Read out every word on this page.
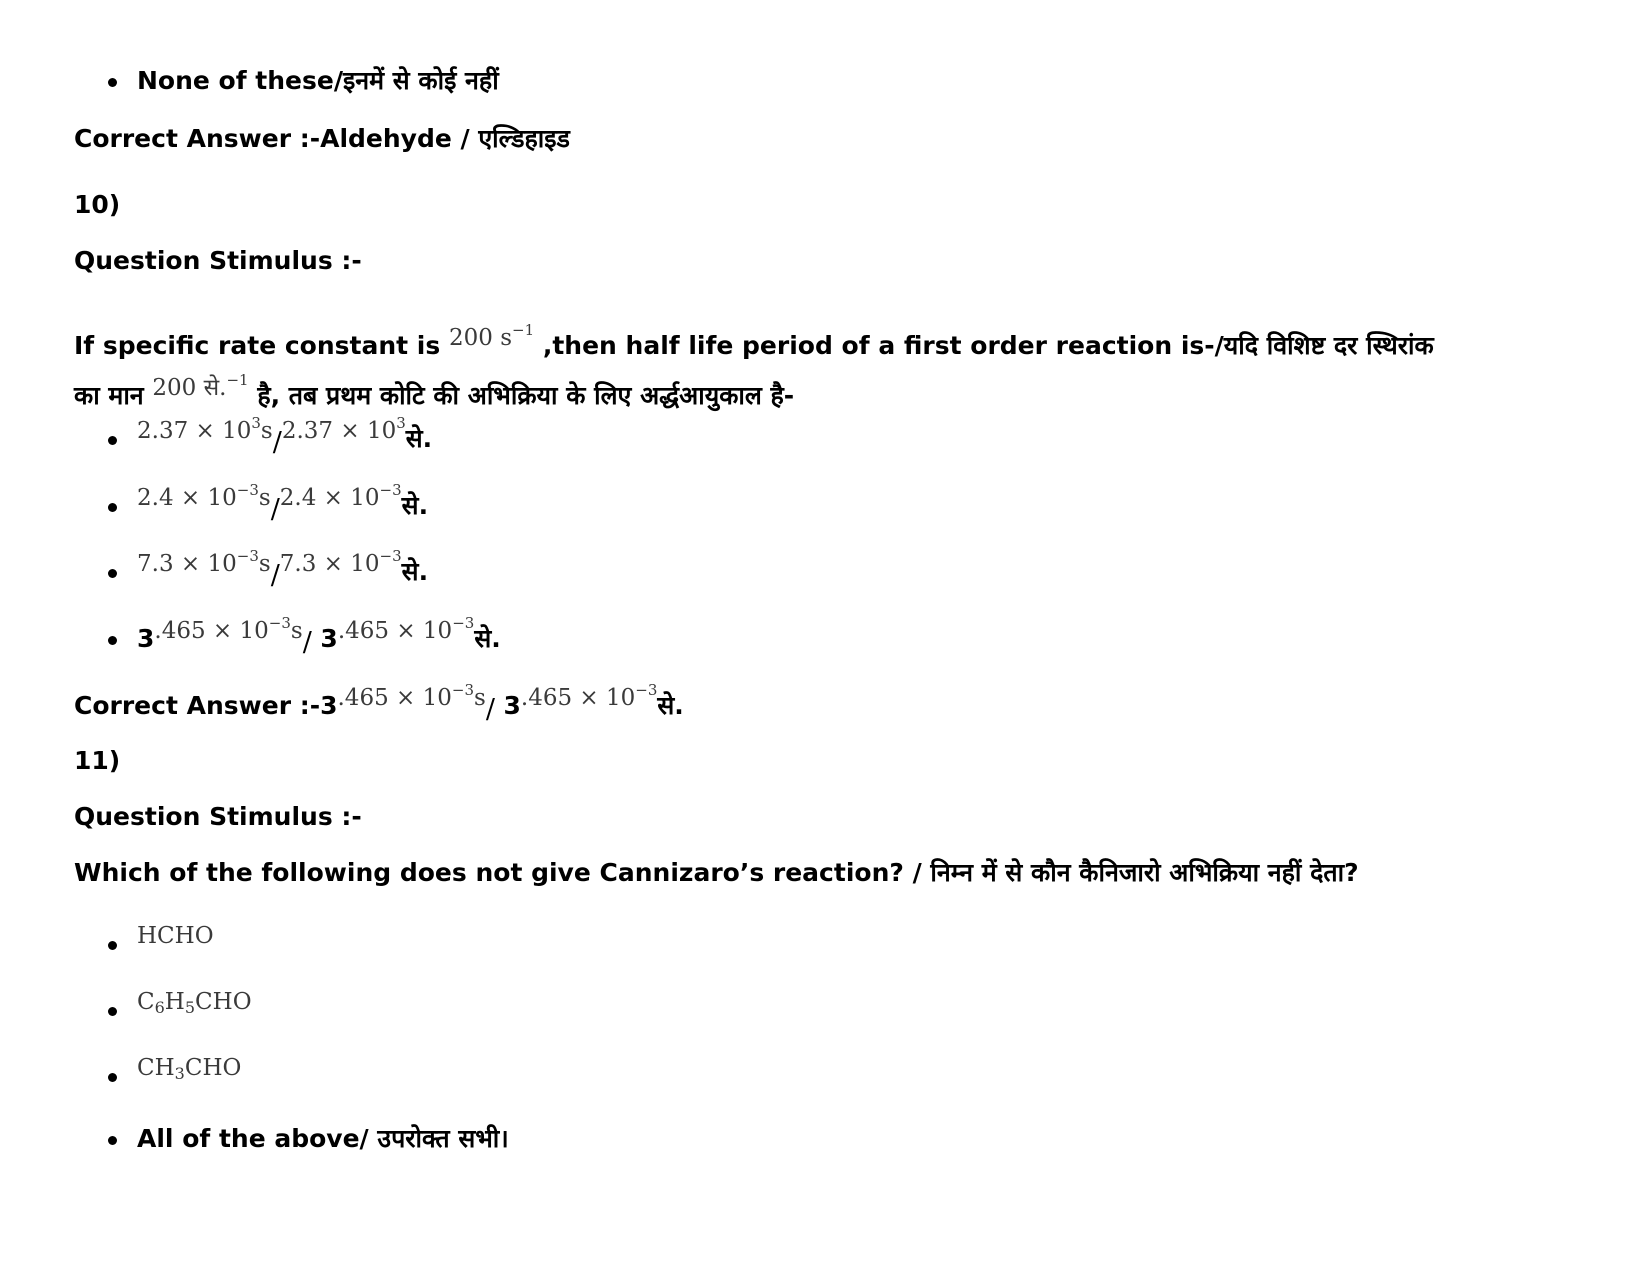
None of these/इनमें से कोई नहीं
Correct Answer :-Aldehyde / एल्डिहाइड
10)
Question Stimulus :-
If specific rate constant is 200 $s^{-1}$ ,then half life period of a first order reaction is-/यदि विशिष्ट दर स्थिरांक
का मान 200 से.$^{-1}$ है, तब प्रथम कोटि की अभिक्रिया के लिए अर्द्धआयुकाल है-
$2.37 \times 10^3s/2.37$ × $10^3से$.
$2.4 \times 10^{-3}s/2.4$ × $10^{-3}से$.
$7.3 \times 10^{-3}s/7.3$ × $10^{-3}से$.
$3.465 \times 10^{-3}s/$ $3.465 \times 10^{-3}से$.
Correct Answer :-3.465 × $10^{-3}s/$ $3.465 \times 10^{-3}से$.
11)
Question Stimulus :-
Which of the following does not give Cannizaro’s reaction? / निम्न में से कौन कैनिजारो अभिक्रिया नहीं देता?
HCHO
$C_6H_5CHO$
$CH_3CHO$
All of the above/ उपरोक्त सभी।
